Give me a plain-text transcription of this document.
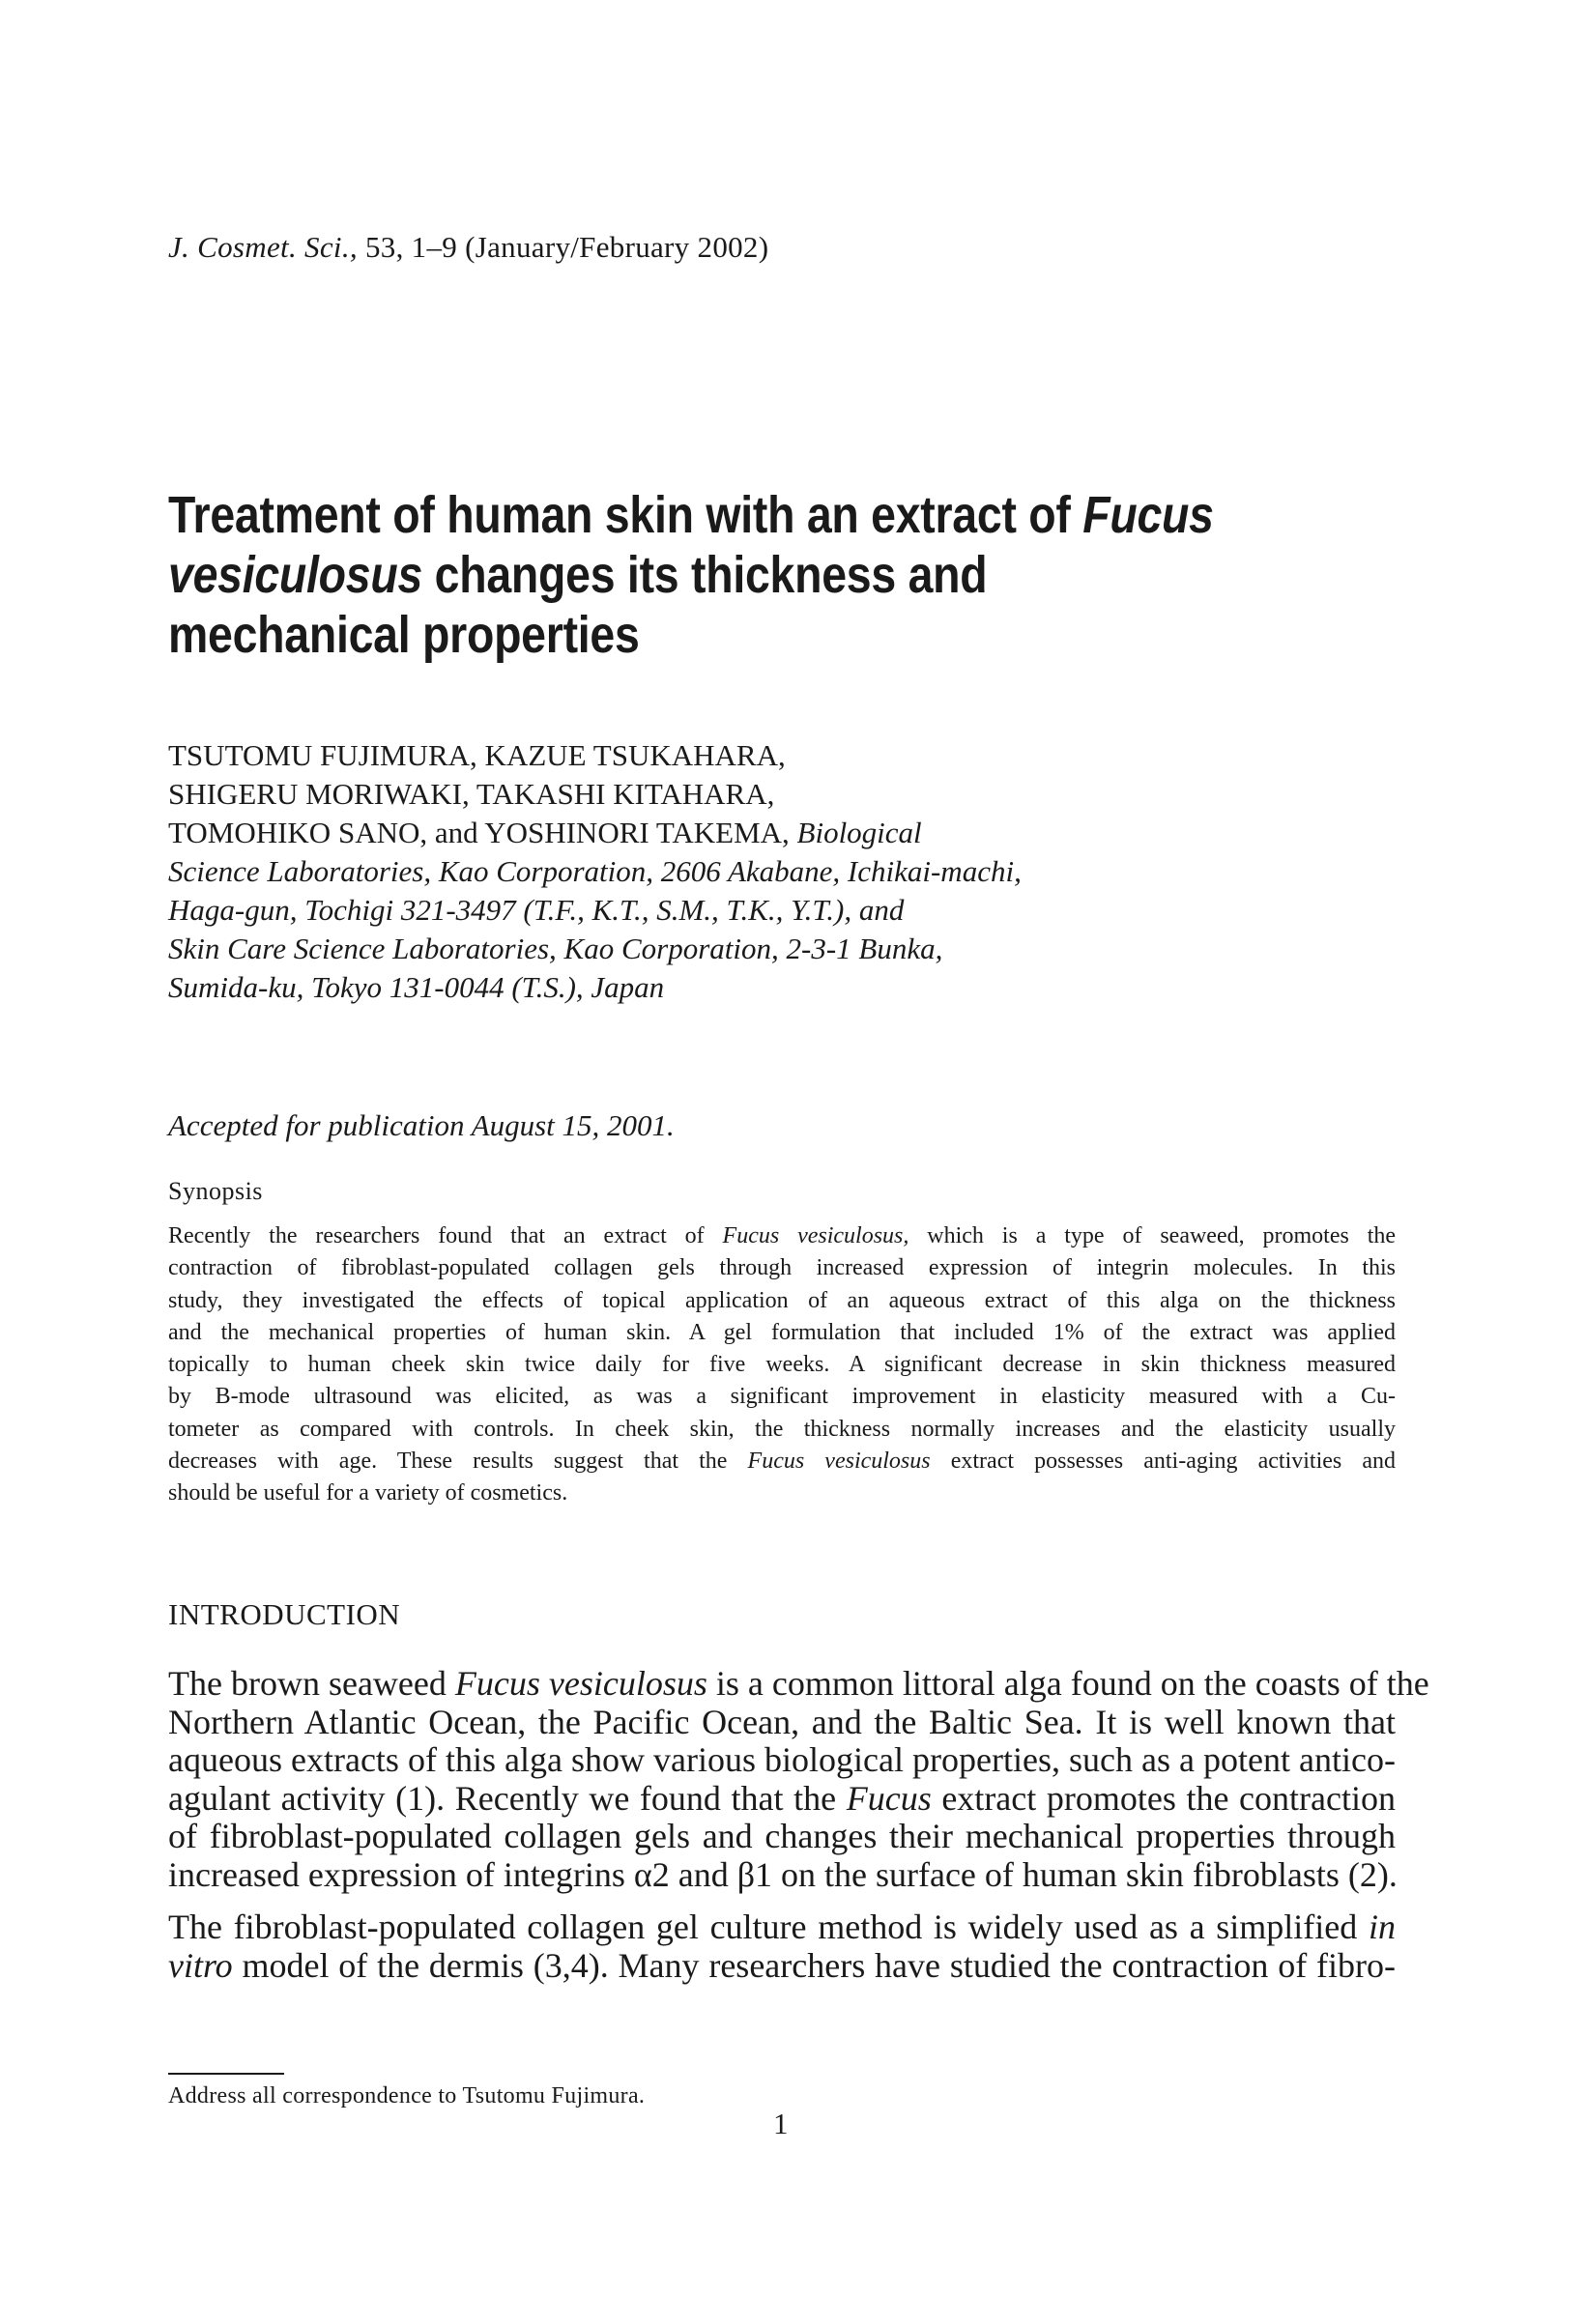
J. Cosmet. Sci., 53, 1–9 (January/February 2002)
Treatment of human skin with an extract of Fucus
vesiculosus changes its thickness and
mechanical properties
TSUTOMU FUJIMURA, KAZUE TSUKAHARA,
SHIGERU MORIWAKI, TAKASHI KITAHARA,
TOMOHIKO SANO, and YOSHINORI TAKEMA, Biological
Science Laboratories, Kao Corporation, 2606 Akabane, Ichikai-machi,
Haga-gun, Tochigi 321-3497 (T.F., K.T., S.M., T.K., Y.T.), and
Skin Care Science Laboratories, Kao Corporation, 2-3-1 Bunka,
Sumida-ku, Tokyo 131-0044 (T.S.), Japan
Accepted for publication August 15, 2001.
Synopsis
Recently the researchers found that an extract of Fucus vesiculosus, which is a type of seaweed, promotes the
contraction of fibroblast-populated collagen gels through increased expression of integrin molecules. In this
study, they investigated the effects of topical application of an aqueous extract of this alga on the thickness
and the mechanical properties of human skin. A gel formulation that included 1% of the extract was applied
topically to human cheek skin twice daily for five weeks. A significant decrease in skin thickness measured
by B-mode ultrasound was elicited, as was a significant improvement in elasticity measured with a Cu-
tometer as compared with controls. In cheek skin, the thickness normally increases and the elasticity usually
decreases with age. These results suggest that the Fucus vesiculosus extract possesses anti-aging activities and
should be useful for a variety of cosmetics.
INTRODUCTION
The brown seaweed Fucus vesiculosus is a common littoral alga found on the coasts of the
Northern Atlantic Ocean, the Pacific Ocean, and the Baltic Sea. It is well known that
aqueous extracts of this alga show various biological properties, such as a potent antico-
agulant activity (1). Recently we found that the Fucus extract promotes the contraction
of fibroblast-populated collagen gels and changes their mechanical properties through
increased expression of integrins α2 and β1 on the surface of human skin fibroblasts (2).
The fibroblast-populated collagen gel culture method is widely used as a simplified in
vitro model of the dermis (3,4). Many researchers have studied the contraction of fibro-
Address all correspondence to Tsutomu Fujimura.
1
